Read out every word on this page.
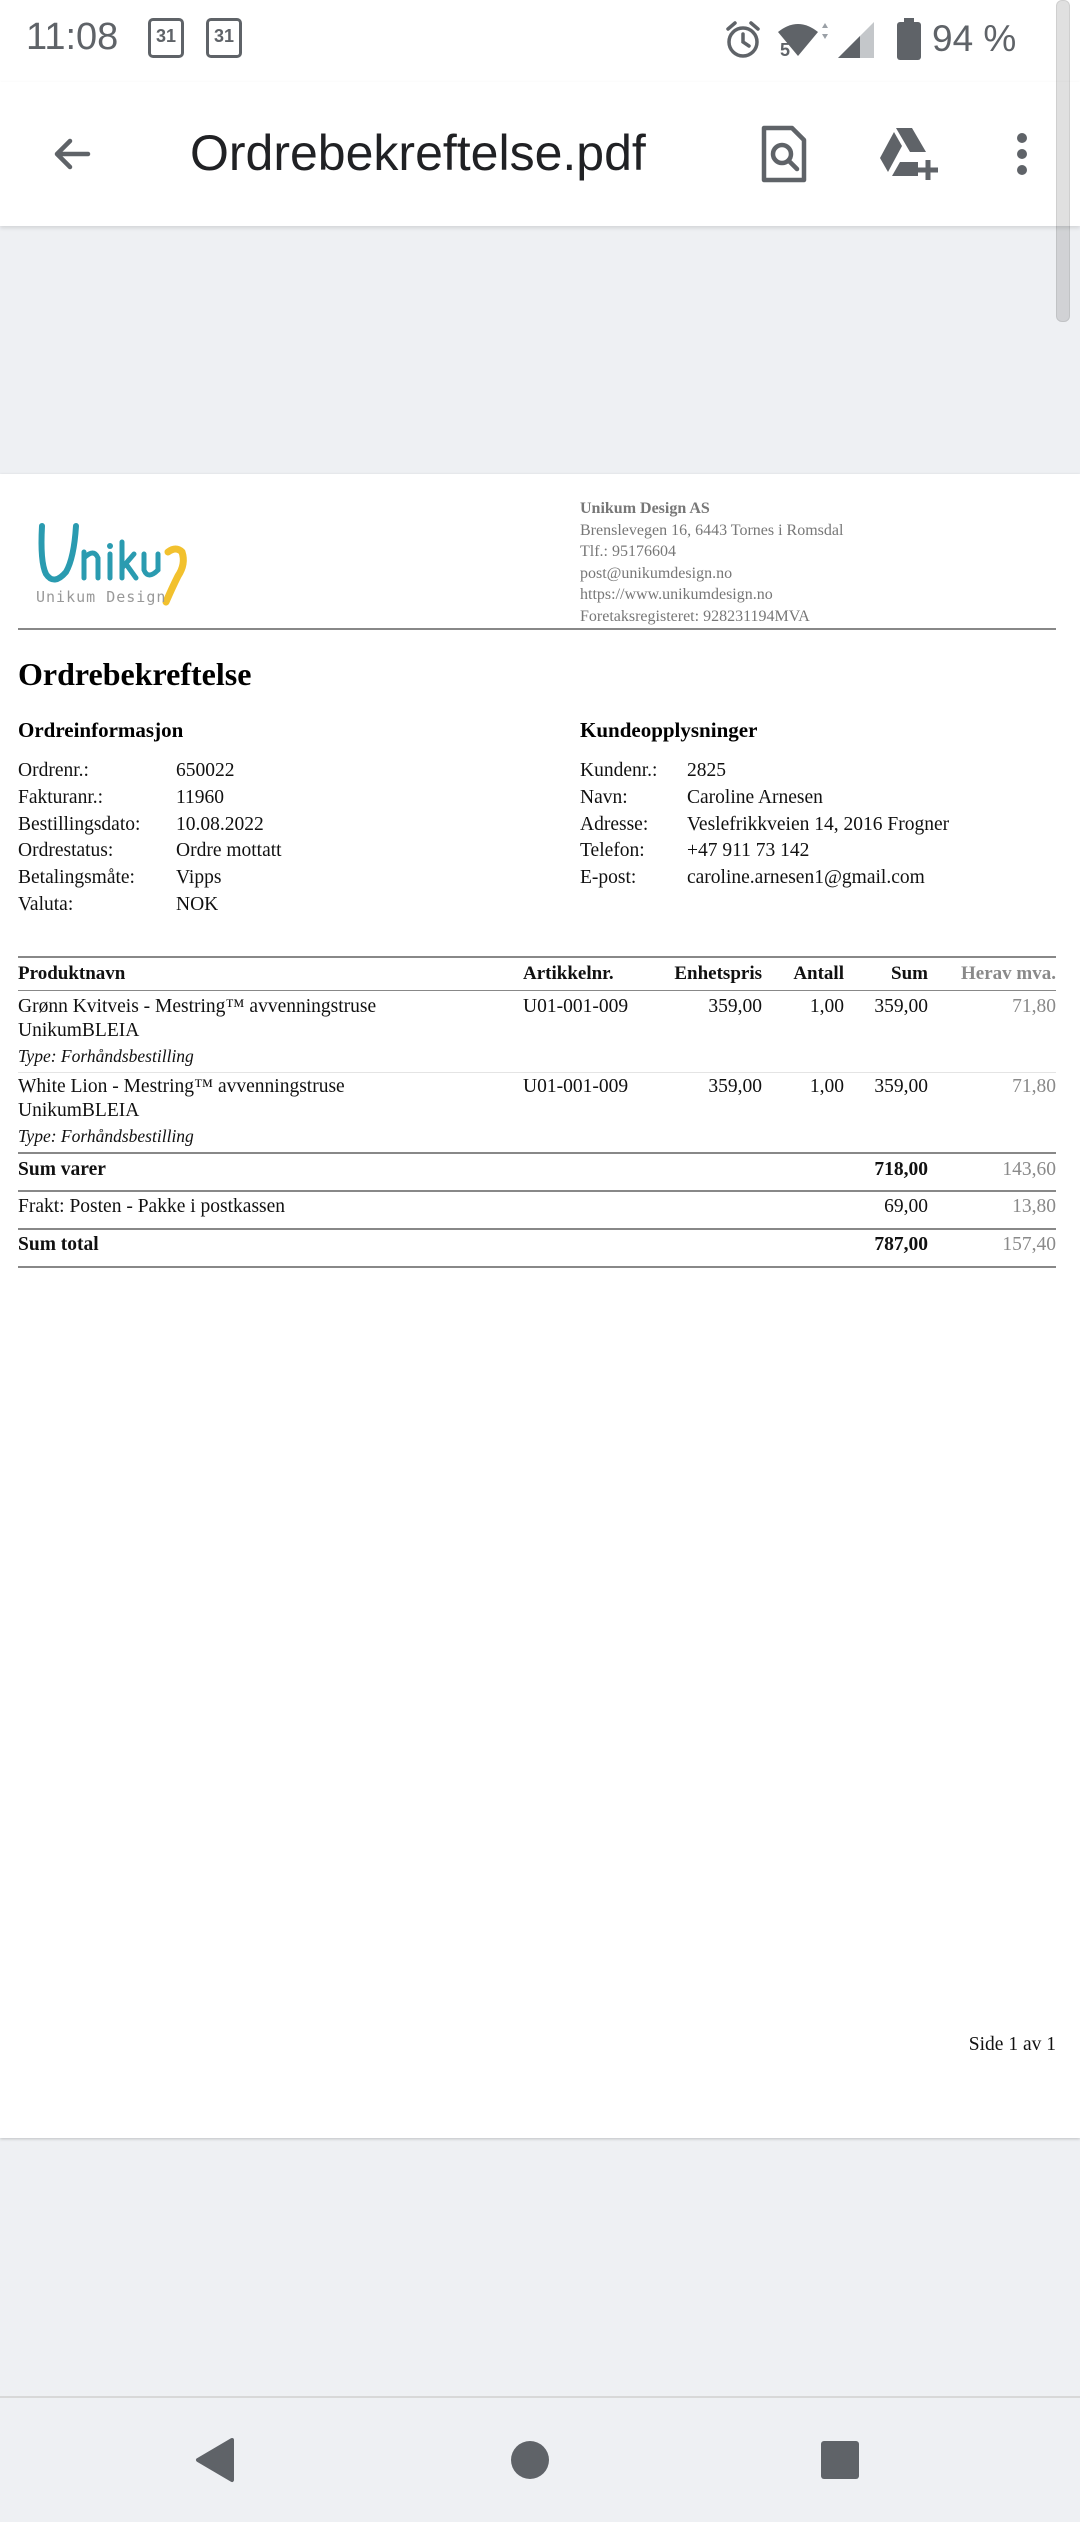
11:08 31 31
5	94 %
Ordrebekreftelse.pdf
Unikum Design
Unikum Design AS
Brenslevegen 16, 6443 Tornes i Romsdal
Tlf.: 95176604
post@unikumdesign.no
https://www.unikumdesign.no
Foretaksregisteret: 928231194MVA
Ordrebekreftelse
Ordreinformasjon
Ordrenr.:	650022
Fakturanr.:	11960
Bestillingsdato:	10.08.2022
Ordrestatus:	Ordre mottatt
Betalingsmåte:	Vipps
Valuta:	NOK
Kundeopplysninger
Kundenr.:	2825
Navn:	Caroline Arnesen
Adresse:	Veslefrikkveien 14, 2016 Frogner
Telefon:	+47 911 73 142
E-post:	caroline.arnesen1@gmail.com
Produktnavn	Artikkelnr.	Enhetspris Antall Sum Herav mva.
Grønn Kvitveis - Mestring™ avvenningstruse
UnikumBLEIA
Type: Forhåndsbestilling
U01-001-009	359,00 1,00 359,00	71,80
White Lion - Mestring™ avvenningstruse
UnikumBLEIA
Type: Forhåndsbestilling
U01-001-009	359,00 1,00 359,00	71,80
Sum varer	718,00	143,60
Frakt: Posten - Pakke i postkassen	69,00	13,80
Sum total	787,00	157,40
Side 1 av 1
